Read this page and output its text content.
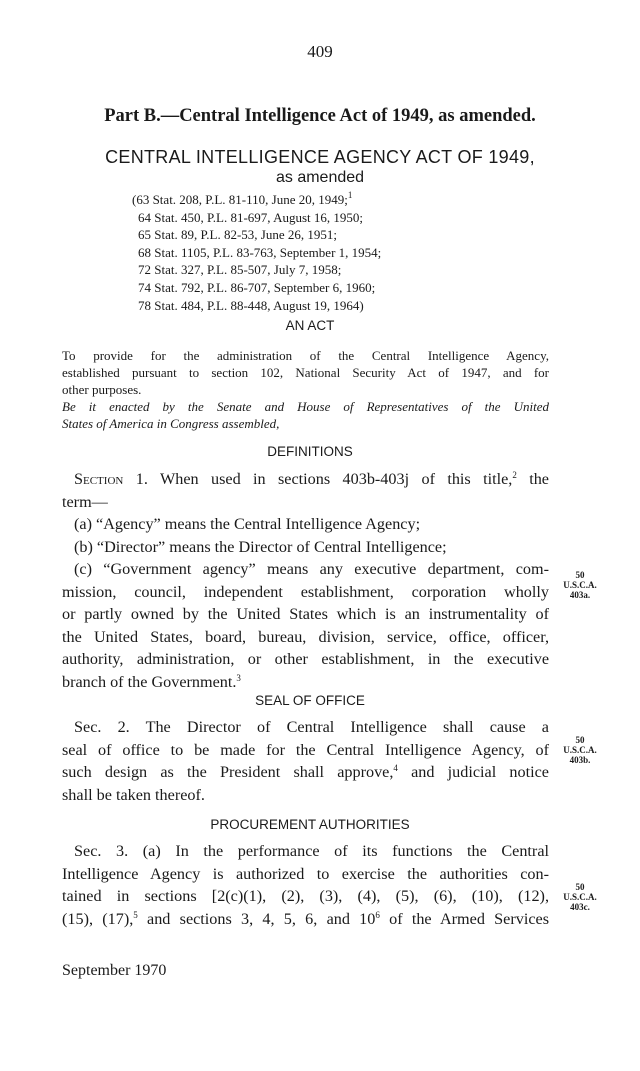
409
Part B.—Central Intelligence Act of 1949, as amended.
CENTRAL INTELLIGENCE AGENCY ACT OF 1949,
as amended
(63 Stat. 208, P.L. 81-110, June 20, 1949;$^1$
64 Stat. 450, P.L. 81-697, August 16, 1950;
65 Stat. 89, P.L. 82-53, June 26, 1951;
68 Stat. 1105, P.L. 83-763, September 1, 1954;
72 Stat. 327, P.L. 85-507, July 7, 1958;
74 Stat. 792, P.L. 86-707, September 6, 1960;
78 Stat. 484, P.L. 88-448, August 19, 1964)
AN ACT
To provide for the administration of the Central Intelligence Agency,
established pursuant to section 102, National Security Act of 1947, and for
other purposes.
Be it enacted by the Senate and House of Representatives of the United
States of America in Congress assembled,
DEFINITIONS
Section 1. When used in sections 403b-403j of this title,$^2$ the
term—
(a) “Agency” means the Central Intelligence Agency;
(b) “Director” means the Director of Central Intelligence;
(c) “Government agency” means any executive department, com-
mission, council, independent establishment, corporation wholly
or partly owned by the United States which is an instrumentality of
the United States, board, bureau, division, service, office, officer,
authority, administration, or other establishment, in the executive
branch of the Government.$^3$
SEAL OF OFFICE
Sec. 2. The Director of Central Intelligence shall cause a
seal of office to be made for the Central Intelligence Agency, of
such design as the President shall approve,$^4$ and judicial notice
shall be taken thereof.
PROCUREMENT AUTHORITIES
Sec. 3. (a) In the performance of its functions the Central
Intelligence Agency is authorized to exercise the authorities con-
tained in sections [2(c)(1), (2), (3), (4), (5), (6), (10), (12),
(15), (17),$^5$ and sections 3, 4, 5, 6, and $10^6$ of the Armed Services
50
U.S.C.A.
403a.
50
U.S.C.A.
403b.
50
U.S.C.A.
403c.
September 1970
